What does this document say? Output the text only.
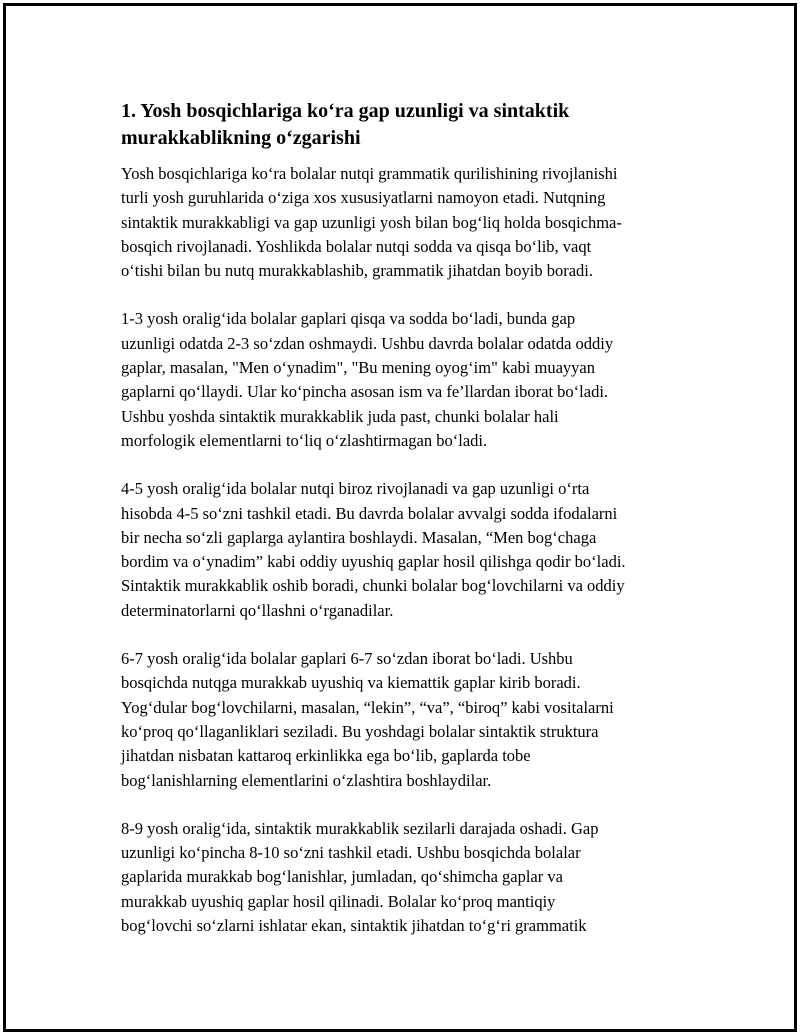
1. Yosh bosqichlariga ko‘ra gap uzunligi va sintaktik
murakkablikning o‘zgarishi

Yosh bosqichlariga ko‘ra bolalar nutqi grammatik qurilishining rivojlanishi
turli yosh guruhlarida o‘ziga xos xususiyatlarni namoyon etadi. Nutqning
sintaktik murakkabligi va gap uzunligi yosh bilan bog‘liq holda bosqichma-
bosqich rivojlanadi. Yoshlikda bolalar nutqi sodda va qisqa bo‘lib, vaqt
o‘tishi bilan bu nutq murakkablashib, grammatik jihatdan boyib boradi.

1-3 yosh oralig‘ida bolalar gaplari qisqa va sodda bo‘ladi, bunda gap
uzunligi odatda 2-3 so‘zdan oshmaydi. Ushbu davrda bolalar odatda oddiy
gaplar, masalan, "Men o‘ynadim", "Bu mening oyog‘im" kabi muayyan
gaplarni qo‘llaydi. Ular ko‘pincha asosan ism va fe’llardan iborat bo‘ladi.
Ushbu yoshda sintaktik murakkablik juda past, chunki bolalar hali
morfologik elementlarni to‘liq o‘zlashtirmagan bo‘ladi.

4-5 yosh oralig‘ida bolalar nutqi biroz rivojlanadi va gap uzunligi o‘rta
hisobda 4-5 so‘zni tashkil etadi. Bu davrda bolalar avvalgi sodda ifodalarni
bir necha so‘zli gaplarga aylantira boshlaydi. Masalan, “Men bog‘chaga
bordim va o‘ynadim” kabi oddiy uyushiq gaplar hosil qilishga qodir bo‘ladi.
Sintaktik murakkablik oshib boradi, chunki bolalar bog‘lovchilarni va oddiy
determinatorlarni qo‘llashni o‘rganadilar.

6-7 yosh oralig‘ida bolalar gaplari 6-7 so‘zdan iborat bo‘ladi. Ushbu
bosqichda nutqga murakkab uyushiq va kiemattik gaplar kirib boradi.
Yog‘dular bog‘lovchilarni, masalan, “lekin”, “va”, “biroq” kabi vositalarni
ko‘proq qo‘llaganliklari seziladi. Bu yoshdagi bolalar sintaktik struktura
jihatdan nisbatan kattaroq erkinlikka ega bo‘lib, gaplarda tobe
bog‘lanishlarning elementlarini o‘zlashtira boshlaydilar.

8-9 yosh oralig‘ida, sintaktik murakkablik sezilarli darajada oshadi. Gap
uzunligi ko‘pincha 8-10 so‘zni tashkil etadi. Ushbu bosqichda bolalar
gaplarida murakkab bog‘lanishlar, jumladan, qo‘shimcha gaplar va
murakkab uyushiq gaplar hosil qilinadi. Bolalar ko‘proq mantiqiy
bog‘lovchi so‘zlarni ishlatar ekan, sintaktik jihatdan to‘g‘ri grammatik
